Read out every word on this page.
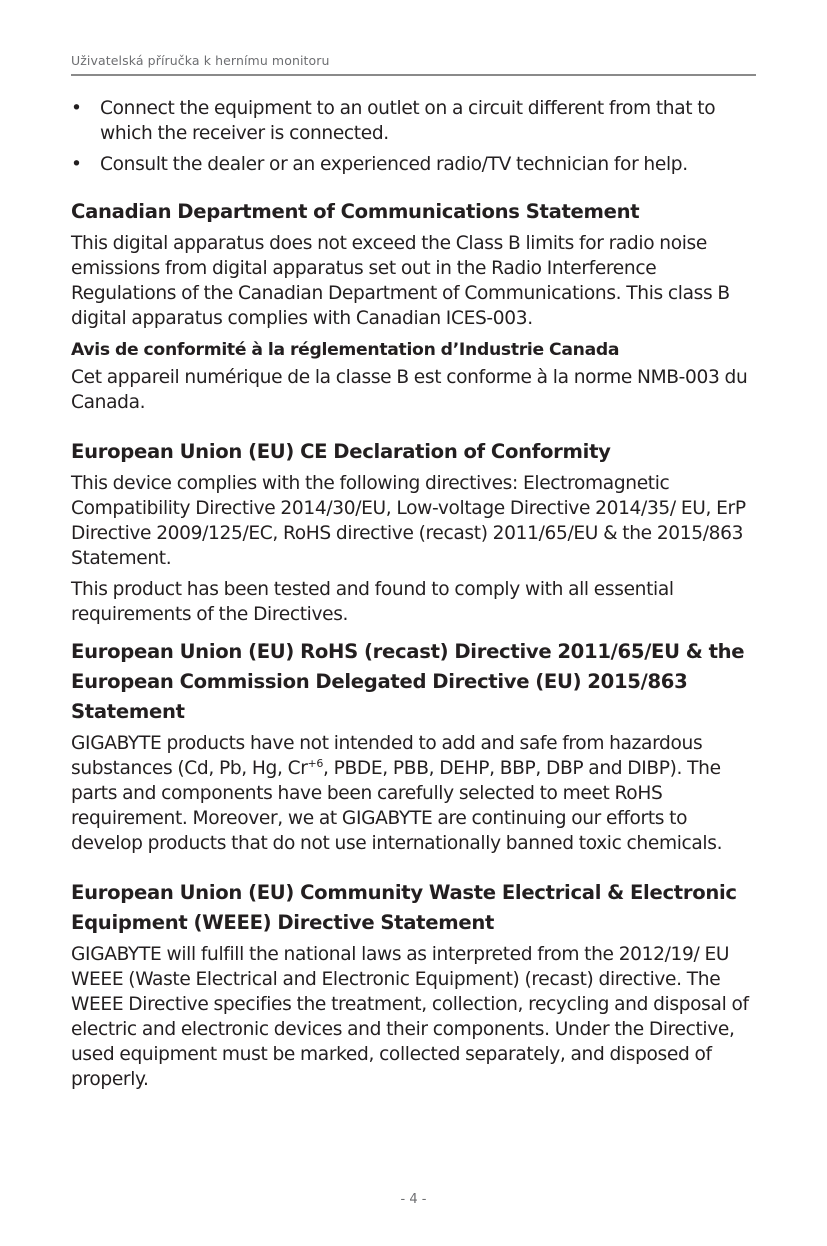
Uživatelská příručka k hernímu monitoru
• Connect the equipment to an outlet on a circuit different from that to which the receiver is connected.
• Consult the dealer or an experienced radio/TV technician for help.
Canadian Department of Communications Statement

This digital apparatus does not exceed the Class B limits for radio noise emissions from digital apparatus set out in the Radio Interference Regulations of the Canadian Department of Communications. This class B digital apparatus complies with Canadian ICES-003.

Avis de conformité à la réglementation d’Industrie Canada

Cet appareil numérique de la classe B est conforme à la norme NMB-003 du Canada.

European Union (EU) CE Declaration of Conformity

This device complies with the following directives: Electromagnetic Compatibility Directive 2014/30/EU, Low-voltage Directive 2014/35/ EU, ErP Directive 2009/125/EC, RoHS directive (recast) 2011/65/EU & the 2015/863 Statement.

This product has been tested and found to comply with all essential requirements of the Directives.

European Union (EU) RoHS (recast) Directive 2011/65/EU & the European Commission Delegated Directive (EU) 2015/863 Statement

GIGABYTE products have not intended to add and safe from hazardous substances (Cd, Pb, Hg, $Cr^{+6}$, PBDE, PBB, DEHP, BBP, DBP and DIBP). The parts and components have been carefully selected to meet RoHS requirement. Moreover, we at GIGABYTE are continuing our efforts to develop products that do not use internationally banned toxic chemicals.

European Union (EU) Community Waste Electrical & Electronic Equipment (WEEE) Directive Statement

GIGABYTE will fulfill the national laws as interpreted from the 2012/19/ EU WEEE (Waste Electrical and Electronic Equipment) (recast) directive. The WEEE Directive specifies the treatment, collection, recycling and disposal of electric and electronic devices and their components. Under the Directive, used equipment must be marked, collected separately, and disposed of properly.

- 4 -
